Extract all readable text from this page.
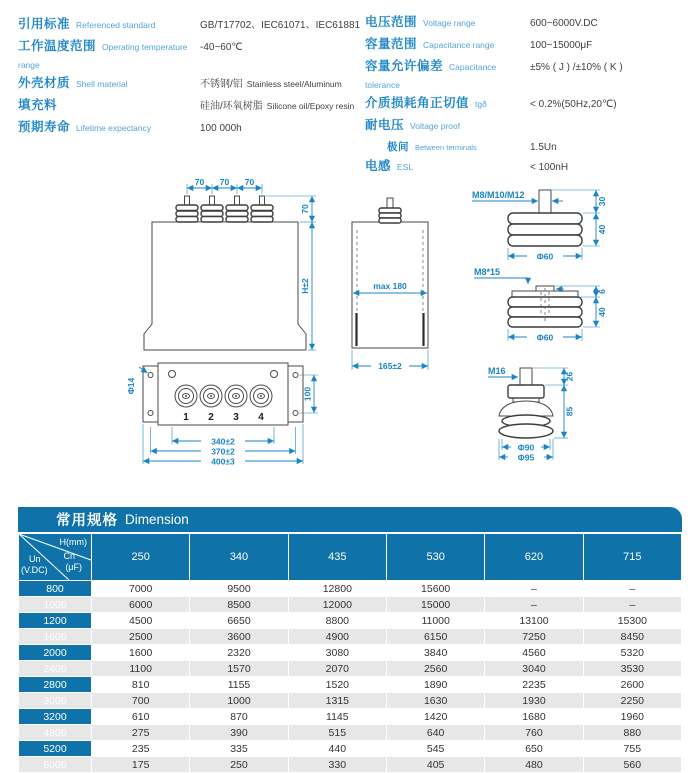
引用标准 Referenced standard	GB/T17702、IEC61071、IEC61881
工作温度范围 Operating temperature range
-40~60℃
外壳材质 Shell material	不锈钢/铝 Stainless steel/Aluminum
填充料	硅油/环氧树脂 Silicone oil/Epoxy resin
预期寿命 Lifetime expectancy	100 000h
电压范围 Voltage range	600~6000V.DC
容量范围 Capacitance range	100~15000μF
容量允许偏差 Capacitance tolerance
±5% ( J ) /±10% ( K )
介质损耗角正切值 tgδ	< 0.2%(50Hz,20℃)
耐电压 Voltage proof
极间 Between terminals	1.5Un
电感 ESL	< 100nH
70 70 70
70
H±2	max 180
165±2
1 2 3 4
340±2
370±2
400±3
100
Φ14
M8/M10/M12
30
40
Φ60
M8*15
6
40
Φ60
M16
26
85
Φ90
Φ95
常用规格 Dimension
H(mm)
Cn
(μF)
Un
(V.DC)	250	340	435	530	620	715
800	7000	9500	12800	15600	–	–
1000	6000	8500	12000	15000	–	–
1200	4500	6650	8800	11000	13100	15300
1600	2500	3600	4900	6150	7250	8450
2000	1600	2320	3080	3840	4560	5320
2400	1100	1570	2070	2560	3040	3530
2800	810	1155	1520	1890	2235	2600
3000	700	1000	1315	1630	1930	2250
3200	610	870	1145	1420	1680	1960
4800	275	390	515	640	760	880
5200	235	335	440	545	650	755
6000	175	250	330	405	480	560
